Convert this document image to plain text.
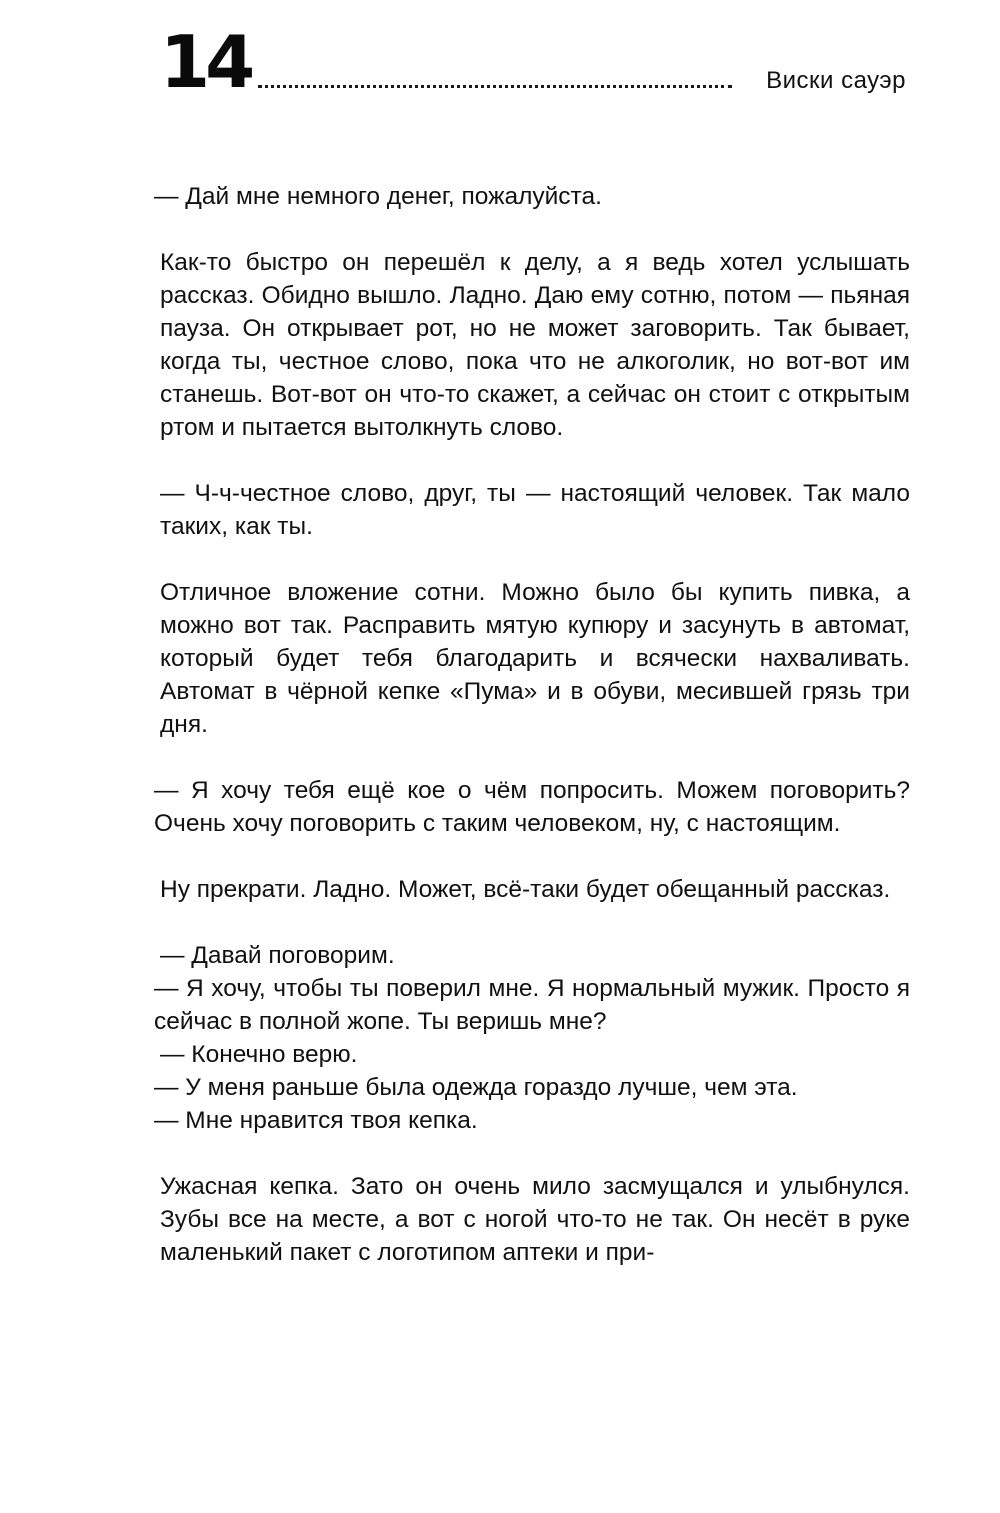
14	Виски сауэр

— Дай мне немного денег, пожалуйста.

Как-то быстро он перешёл к делу, а я ведь хотел услышать рассказ. Обидно вышло. Ладно. Даю ему сотню, потом — пьяная пауза. Он открывает рот, но не может заговорить. Так бывает, когда ты, честное слово, пока что не алкоголик, но вот-вот им станешь. Вот-вот он что-то скажет, а сейчас он стоит с открытым ртом и пытается вытолкнуть слово.

— Ч-ч-честное слово, друг, ты — настоящий человек. Так мало таких, как ты.

Отличное вложение сотни. Можно было бы купить пивка, а можно вот так. Расправить мятую купюру и засунуть в автомат, который будет тебя благодарить и всячески нахваливать. Автомат в чёрной кепке «Пума» и в обуви, месившей грязь три дня.

— Я хочу тебя ещё кое о чём попросить. Можем поговорить? Очень хочу поговорить с таким человеком, ну, с настоящим.

Ну прекрати. Ладно. Может, всё-таки будет обещанный рассказ.

— Давай поговорим.
— Я хочу, чтобы ты поверил мне. Я нормальный мужик. Просто я сейчас в полной жопе. Ты веришь мне?
— Конечно верю.
— У меня раньше была одежда гораздо лучше, чем эта.
— Мне нравится твоя кепка.

Ужасная кепка. Зато он очень мило засмущался и улыбнулся. Зубы все на месте, а вот с ногой что-то не так. Он несёт в руке маленький пакет с логотипом аптеки и при-
